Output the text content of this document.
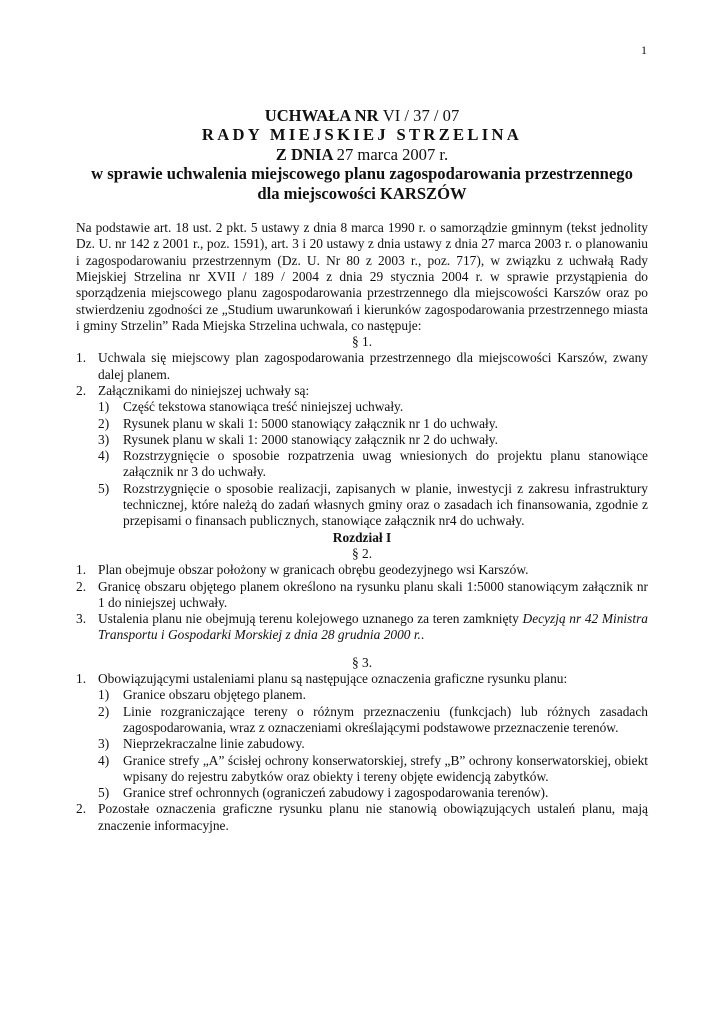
1
UCHWAŁA NR VI / 37 / 07
RADY MIEJSKIEJ STRZELINA
Z DNIA 27 marca 2007 r.
w sprawie uchwalenia miejscowego planu zagospodarowania przestrzennego
dla miejscowości KARSZÓW
Na podstawie art. 18 ust. 2 pkt. 5 ustawy z dnia 8 marca 1990 r. o samorządzie gminnym (tekst jednolity Dz. U. nr 142 z 2001 r., poz. 1591), art. 3 i 20 ustawy z dnia ustawy z dnia 27 marca 2003 r. o planowaniu i zagospodarowaniu przestrzennym (Dz. U. Nr 80 z 2003 r., poz. 717), w związku z uchwałą Rady Miejskiej Strzelina nr XVII / 189 / 2004 z dnia 29 stycznia 2004 r. w sprawie przystąpienia do sporządzenia miejscowego planu zagospodarowania przestrzennego dla miejscowości Karszów oraz po stwierdzeniu zgodności ze „Studium uwarunkowań i kierunków zagospodarowania przestrzennego miasta i gminy Strzelin” Rada Miejska Strzelina uchwala, co następuje:
§ 1.
1. Uchwala się miejscowy plan zagospodarowania przestrzennego dla miejscowości Karszów, zwany dalej planem.
2. Załącznikami do niniejszej uchwały są:
1)	Część tekstowa stanowiąca treść niniejszej uchwały.
2)	Rysunek planu w skali 1: 5000 stanowiący załącznik nr 1 do uchwały.
3)	Rysunek planu w skali 1: 2000 stanowiący załącznik nr 2 do uchwały.
4)	Rozstrzygnięcie o sposobie rozpatrzenia uwag wniesionych do projektu planu stanowiące załącznik nr 3 do uchwały.
5)	Rozstrzygnięcie o sposobie realizacji, zapisanych w planie, inwestycji z zakresu infrastruktury technicznej, które należą do zadań własnych gminy oraz o zasadach ich finansowania, zgodnie z przepisami o finansach publicznych, stanowiące załącznik nr4 do uchwały.
Rozdział I
§ 2.
1. Plan obejmuje obszar położony w granicach obrębu geodezyjnego wsi Karszów.
2. Granicę obszaru objętego planem określono na rysunku planu skali 1:5000 stanowiącym załącznik nr 1 do niniejszej uchwały.
3. Ustalenia planu nie obejmują terenu kolejowego uznanego za teren zamknięty Decyzją nr 42 Ministra Transportu i Gospodarki Morskiej z dnia 28 grudnia 2000 r..
§ 3.
1. Obowiązującymi ustaleniami planu są następujące oznaczenia graficzne rysunku planu:
1)	Granice obszaru objętego planem.
2)	Linie rozgraniczające tereny o różnym przeznaczeniu (funkcjach) lub różnych zasadach zagospodarowania, wraz z oznaczeniami określającymi podstawowe przeznaczenie terenów.
3)	Nieprzekraczalne linie zabudowy.
4)	Granice strefy „A” ścisłej ochrony konserwatorskiej, strefy „B” ochrony konserwatorskiej, obiekt wpisany do rejestru zabytków oraz obiekty i tereny objęte ewidencją zabytków.
5)	Granice stref ochronnych (ograniczeń zabudowy i zagospodarowania terenów).
2. Pozostałe oznaczenia graficzne rysunku planu nie stanowią obowiązujących ustaleń planu, mają znaczenie informacyjne.
